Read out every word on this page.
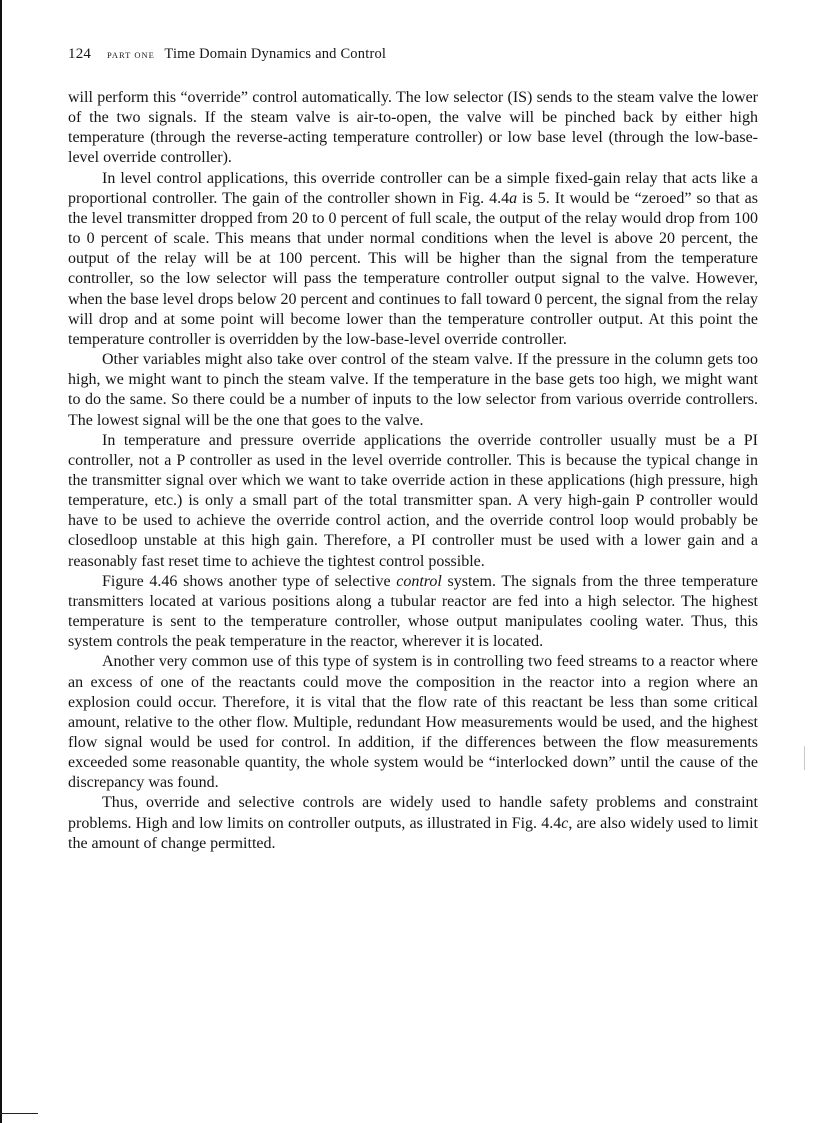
124 PART ONE Time Domain Dynamics and Control

will perform this “override” control automatically. The low selector (IS) sends to the steam valve the lower of the two signals. If the steam valve is air-to-open, the valve will be pinched back by either high temperature (through the reverse-acting temperature controller) or low base level (through the low-base-level override controller).

In level control applications, this override controller can be a simple fixed-gain relay that acts like a proportional controller. The gain of the controller shown in Fig. 4.4a is 5. It would be “zeroed” so that as the level transmitter dropped from 20 to 0 percent of full scale, the output of the relay would drop from 100 to 0 percent of scale. This means that under normal conditions when the level is above 20 percent, the output of the relay will be at 100 percent. This will be higher than the signal from the temperature controller, so the low selector will pass the temperature controller output signal to the valve. However, when the base level drops below 20 percent and continues to fall toward 0 percent, the signal from the relay will drop and at some point will become lower than the temperature controller output. At this point the temperature controller is overridden by the low-base-level override controller.

Other variables might also take over control of the steam valve. If the pressure in the column gets too high, we might want to pinch the steam valve. If the temperature in the base gets too high, we might want to do the same. So there could be a number of inputs to the low selector from various override controllers. The lowest signal will be the one that goes to the valve.

In temperature and pressure override applications the override controller usually must be a PI controller, not a P controller as used in the level override controller. This is because the typical change in the transmitter signal over which we want to take override action in these applications (high pressure, high temperature, etc.) is only a small part of the total transmitter span. A very high-gain P controller would have to be used to achieve the override control action, and the override control loop would probably be closedloop unstable at this high gain. Therefore, a PI controller must be used with a lower gain and a reasonably fast reset time to achieve the tightest control possible.

Figure 4.46 shows another type of selective control system. The signals from the three temperature transmitters located at various positions along a tubular reactor are fed into a high selector. The highest temperature is sent to the temperature controller, whose output manipulates cooling water. Thus, this system controls the peak temperature in the reactor, wherever it is located.

Another very common use of this type of system is in controlling two feed streams to a reactor where an excess of one of the reactants could move the composition in the reactor into a region where an explosion could occur. Therefore, it is vital that the flow rate of this reactant be less than some critical amount, relative to the other flow. Multiple, redundant How measurements would be used, and the highest flow signal would be used for control. In addition, if the differences between the flow measurements exceeded some reasonable quantity, the whole system would be “interlocked down” until the cause of the discrepancy was found.

Thus, override and selective controls are widely used to handle safety problems and constraint problems. High and low limits on controller outputs, as illustrated in Fig. 4.4c, are also widely used to limit the amount of change permitted.
